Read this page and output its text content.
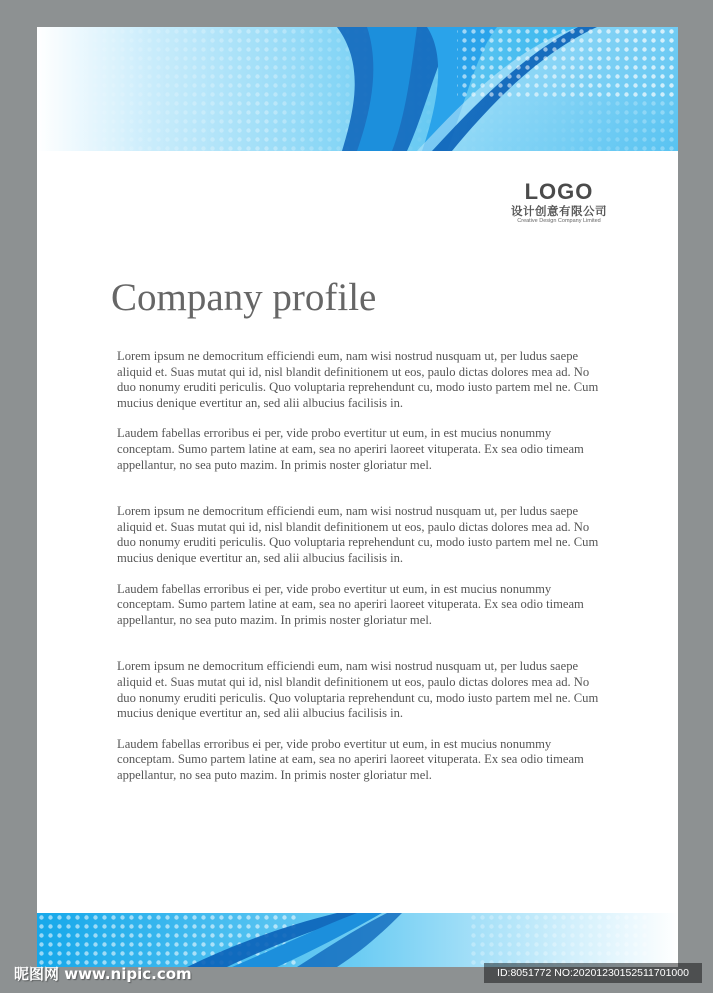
LOGO
设计创意有限公司
Creative Design Company Limited
Company profile

Lorem ipsum ne democritum efficiendi eum, nam wisi nostrud nusquam ut, per ludus saepe aliquid et. Suas mutat qui id, nisl blandit definitionem ut eos, paulo dictas dolores mea ad. No duo nonumy eruditi periculis. Quo voluptaria reprehendunt cu, modo iusto partem mel ne. Cum mucius denique evertitur an, sed alii albucius facilisis in.

Laudem fabellas erroribus ei per, vide probo evertitur ut eum, in est mucius nonummy conceptam. Sumo partem latine at eam, sea no aperiri laoreet vituperata. Ex sea odio timeam appellantur, no sea puto mazim. In primis noster gloriatur mel.

Lorem ipsum ne democritum efficiendi eum, nam wisi nostrud nusquam ut, per ludus saepe aliquid et. Suas mutat qui id, nisl blandit definitionem ut eos, paulo dictas dolores mea ad. No duo nonumy eruditi periculis. Quo voluptaria reprehendunt cu, modo iusto partem mel ne. Cum mucius denique evertitur an, sed alii albucius facilisis in.

Laudem fabellas erroribus ei per, vide probo evertitur ut eum, in est mucius nonummy conceptam. Sumo partem latine at eam, sea no aperiri laoreet vituperata. Ex sea odio timeam appellantur, no sea puto mazim. In primis noster gloriatur mel.

Lorem ipsum ne democritum efficiendi eum, nam wisi nostrud nusquam ut, per ludus saepe aliquid et. Suas mutat qui id, nisl blandit definitionem ut eos, paulo dictas dolores mea ad. No duo nonumy eruditi periculis. Quo voluptaria reprehendunt cu, modo iusto partem mel ne. Cum mucius denique evertitur an, sed alii albucius facilisis in.

Laudem fabellas erroribus ei per, vide probo evertitur ut eum, in est mucius nonummy conceptam. Sumo partem latine at eam, sea no aperiri laoreet vituperata. Ex sea odio timeam appellantur, no sea puto mazim. In primis noster gloriatur mel.

昵图网 www.nipic.com	ID:8051772 NO:20201230152511701000
